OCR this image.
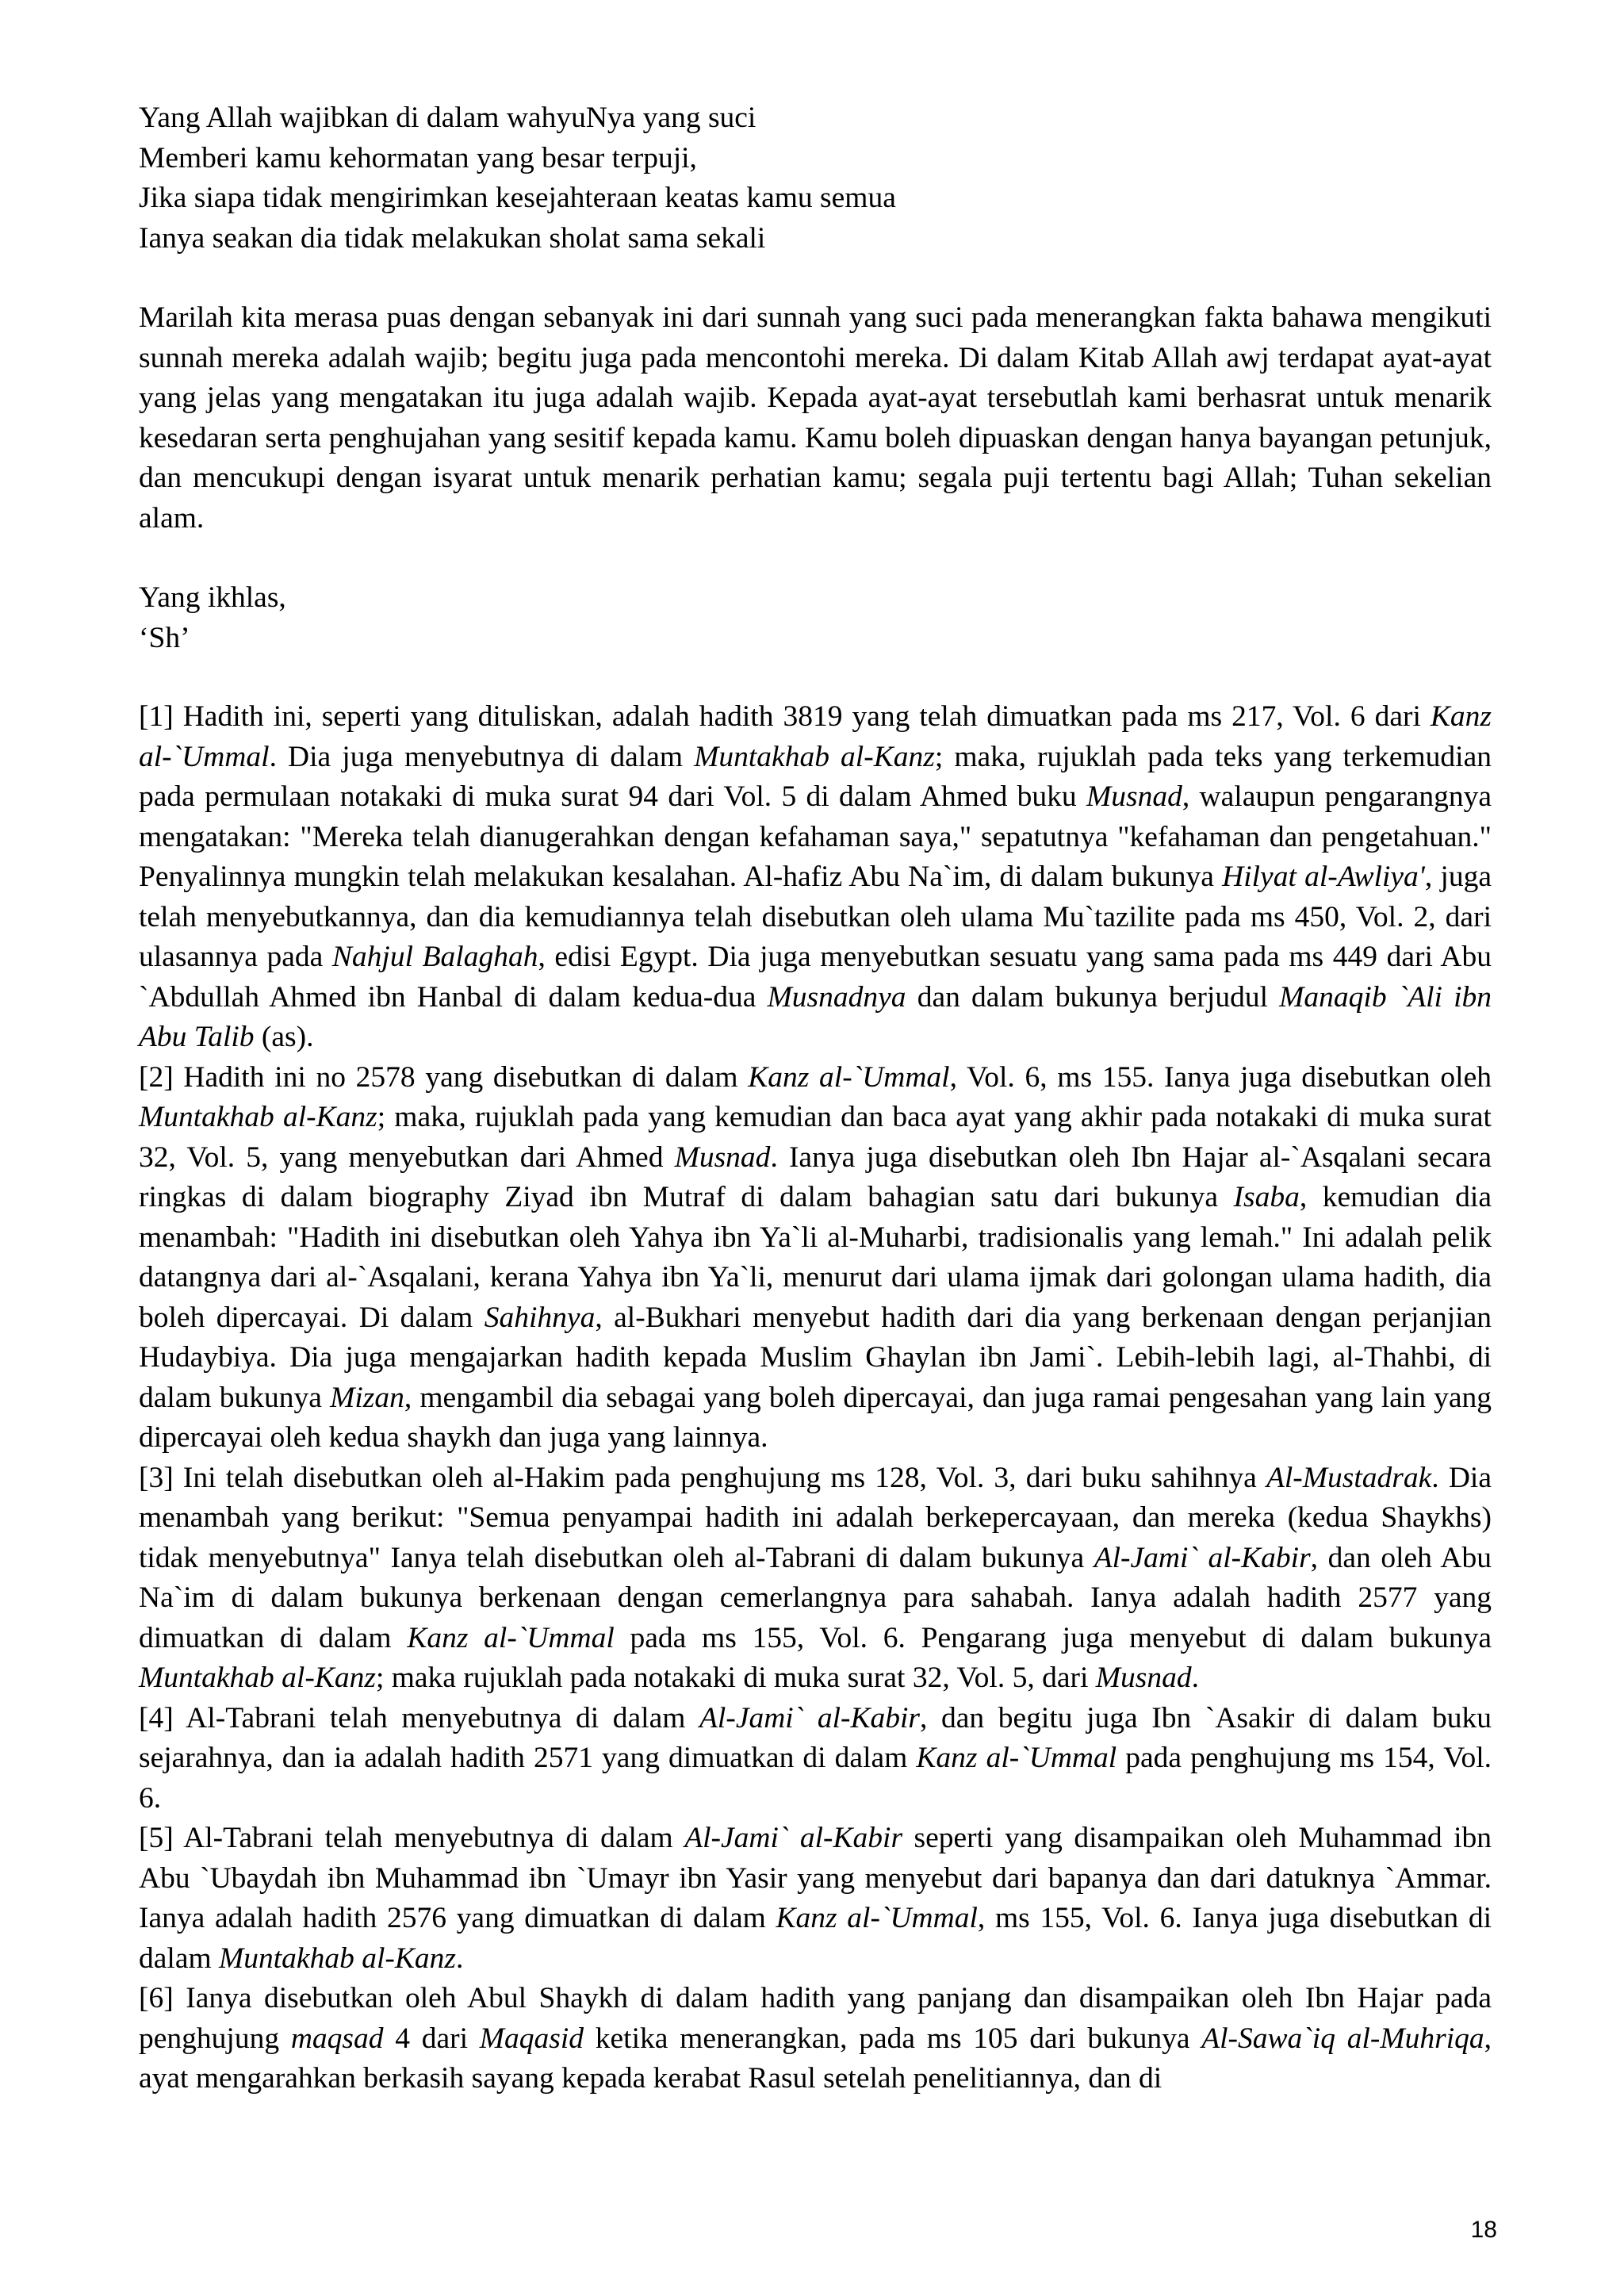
Yang Allah wajibkan di dalam wahyuNya yang suci
Memberi kamu kehormatan yang besar terpuji,
Jika siapa tidak mengirimkan kesejahteraan keatas kamu semua
Ianya seakan dia tidak melakukan sholat sama sekali

Marilah kita merasa puas dengan sebanyak ini dari sunnah yang suci pada menerangkan fakta bahawa mengikuti sunnah mereka adalah wajib; begitu juga pada mencontohi mereka. Di dalam Kitab Allah awj terdapat ayat-ayat yang jelas yang mengatakan itu juga adalah wajib. Kepada ayat-ayat tersebutlah kami berhasrat untuk menarik kesedaran serta penghujahan yang sesitif kepada kamu. Kamu boleh dipuaskan dengan hanya bayangan petunjuk, dan mencukupi dengan isyarat untuk menarik perhatian kamu; segala puji tertentu bagi Allah; Tuhan sekelian alam.

Yang ikhlas,
‘Sh’

[1] Hadith ini, seperti yang dituliskan, adalah hadith 3819 yang telah dimuatkan pada ms 217, Vol. 6 dari Kanz al-`Ummal. Dia juga menyebutnya di dalam Muntakhab al-Kanz; maka, rujuklah pada teks yang terkemudian pada permulaan notakaki di muka surat 94 dari Vol. 5 di dalam Ahmed buku Musnad, walaupun pengarangnya mengatakan: "Mereka telah dianugerahkan dengan kefahaman saya," sepatutnya "kefahaman dan pengetahuan." Penyalinnya mungkin telah melakukan kesalahan. Al-hafiz Abu Na`im, di dalam bukunya Hilyat al-Awliya', juga telah menyebutkannya, dan dia kemudiannya telah disebutkan oleh ulama Mu`tazilite pada ms 450, Vol. 2, dari ulasannya pada Nahjul Balaghah, edisi Egypt. Dia juga menyebutkan sesuatu yang sama pada ms 449 dari Abu `Abdullah Ahmed ibn Hanbal di dalam kedua-dua Musnadnya dan dalam bukunya berjudul Manaqib `Ali ibn Abu Talib (as).

[2] Hadith ini no 2578 yang disebutkan di dalam Kanz al-`Ummal, Vol. 6, ms 155. Ianya juga disebutkan oleh Muntakhab al-Kanz; maka, rujuklah pada yang kemudian dan baca ayat yang akhir pada notakaki di muka surat 32, Vol. 5, yang menyebutkan dari Ahmed Musnad. Ianya juga disebutkan oleh Ibn Hajar al-`Asqalani secara ringkas di dalam biography Ziyad ibn Mutraf di dalam bahagian satu dari bukunya Isaba, kemudian dia menambah: "Hadith ini disebutkan oleh Yahya ibn Ya`li al-Muharbi, tradisionalis yang lemah." Ini adalah pelik datangnya dari al-`Asqalani, kerana Yahya ibn Ya`li, menurut dari ulama ijmak dari golongan ulama hadith, dia boleh dipercayai. Di dalam Sahihnya, al-Bukhari menyebut hadith dari dia yang berkenaan dengan perjanjian Hudaybiya. Dia juga mengajarkan hadith kepada Muslim Ghaylan ibn Jami`. Lebih-lebih lagi, al-Thahbi, di dalam bukunya Mizan, mengambil dia sebagai yang boleh dipercayai, dan juga ramai pengesahan yang lain yang dipercayai oleh kedua shaykh dan juga yang lainnya.

[3] Ini telah disebutkan oleh al-Hakim pada penghujung ms 128, Vol. 3, dari buku sahihnya Al-Mustadrak. Dia menambah yang berikut: "Semua penyampai hadith ini adalah berkepercayaan, dan mereka (kedua Shaykhs) tidak menyebutnya" Ianya telah disebutkan oleh al-Tabrani di dalam bukunya Al-Jami` al-Kabir, dan oleh Abu Na`im di dalam bukunya berkenaan dengan cemerlangnya para sahabah. Ianya adalah hadith 2577 yang dimuatkan di dalam Kanz al-`Ummal pada ms 155, Vol. 6. Pengarang juga menyebut di dalam bukunya Muntakhab al-Kanz; maka rujuklah pada notakaki di muka surat 32, Vol. 5, dari Musnad.

[4] Al-Tabrani telah menyebutnya di dalam Al-Jami` al-Kabir, dan begitu juga Ibn `Asakir di dalam buku sejarahnya, dan ia adalah hadith 2571 yang dimuatkan di dalam Kanz al-`Ummal pada penghujung ms 154, Vol. 6.

[5] Al-Tabrani telah menyebutnya di dalam Al-Jami` al-Kabir seperti yang disampaikan oleh Muhammad ibn Abu `Ubaydah ibn Muhammad ibn `Umayr ibn Yasir yang menyebut dari bapanya dan dari datuknya `Ammar. Ianya adalah hadith 2576 yang dimuatkan di dalam Kanz al-`Ummal, ms 155, Vol. 6. Ianya juga disebutkan di dalam Muntakhab al-Kanz.

[6] Ianya disebutkan oleh Abul Shaykh di dalam hadith yang panjang dan disampaikan oleh Ibn Hajar pada penghujung maqsad 4 dari Maqasid ketika menerangkan, pada ms 105 dari bukunya Al-Sawa`iq al-Muhriqa, ayat mengarahkan berkasih sayang kepada kerabat Rasul setelah penelitiannya, dan di

18
